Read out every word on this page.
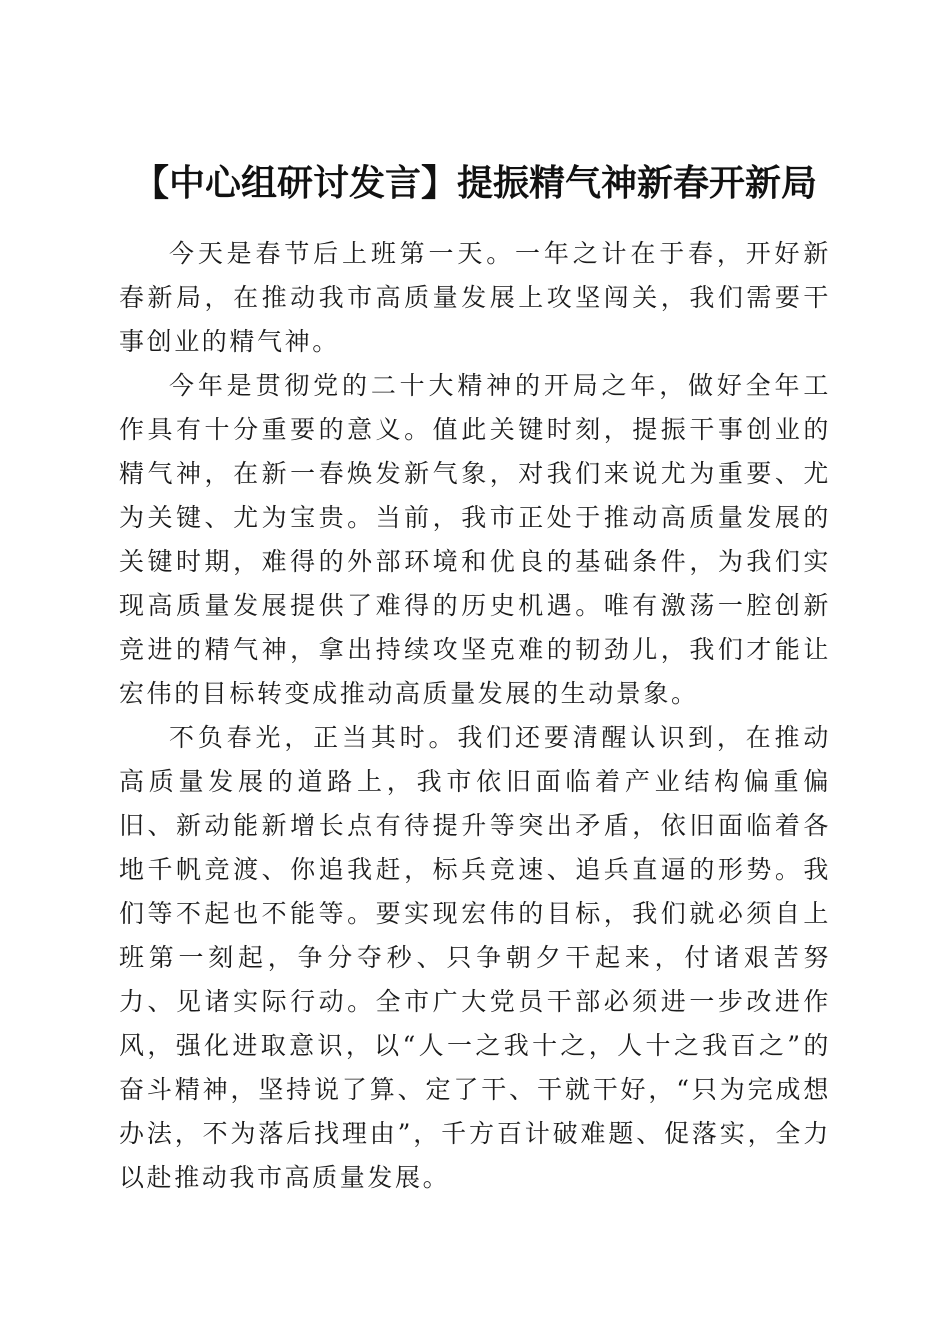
【中心组研讨发言】提振精气神新春开新局

今天是春节后上班第一天。一年之计在于春，开好新春新局，在推动我市高质量发展上攻坚闯关，我们需要干事创业的精气神。

今年是贯彻党的二十大精神的开局之年，做好全年工作具有十分重要的意义。值此关键时刻，提振干事创业的精气神，在新一春焕发新气象，对我们来说尤为重要、尤为关键、尤为宝贵。当前，我市正处于推动高质量发展的关键时期，难得的外部环境和优良的基础条件，为我们实现高质量发展提供了难得的历史机遇。唯有激荡一腔创新竞进的精气神，拿出持续攻坚克难的韧劲儿，我们才能让宏伟的目标转变成推动高质量发展的生动景象。

不负春光，正当其时。我们还要清醒认识到，在推动高质量发展的道路上，我市依旧面临着产业结构偏重偏旧、新动能新增长点有待提升等突出矛盾，依旧面临着各地千帆竞渡、你追我赶，标兵竞速、追兵直逼的形势。我们等不起也不能等。要实现宏伟的目标，我们就必须自上班第一刻起，争分夺秒、只争朝夕干起来，付诸艰苦努力、见诸实际行动。全市广大党员干部必须进一步改进作风，强化进取意识，以“人一之我十之，人十之我百之”的奋斗精神，坚持说了算、定了干、干就干好，“只为完成想办法，不为落后找理由”，千方百计破难题、促落实，全力以赴推动我市高质量发展。
